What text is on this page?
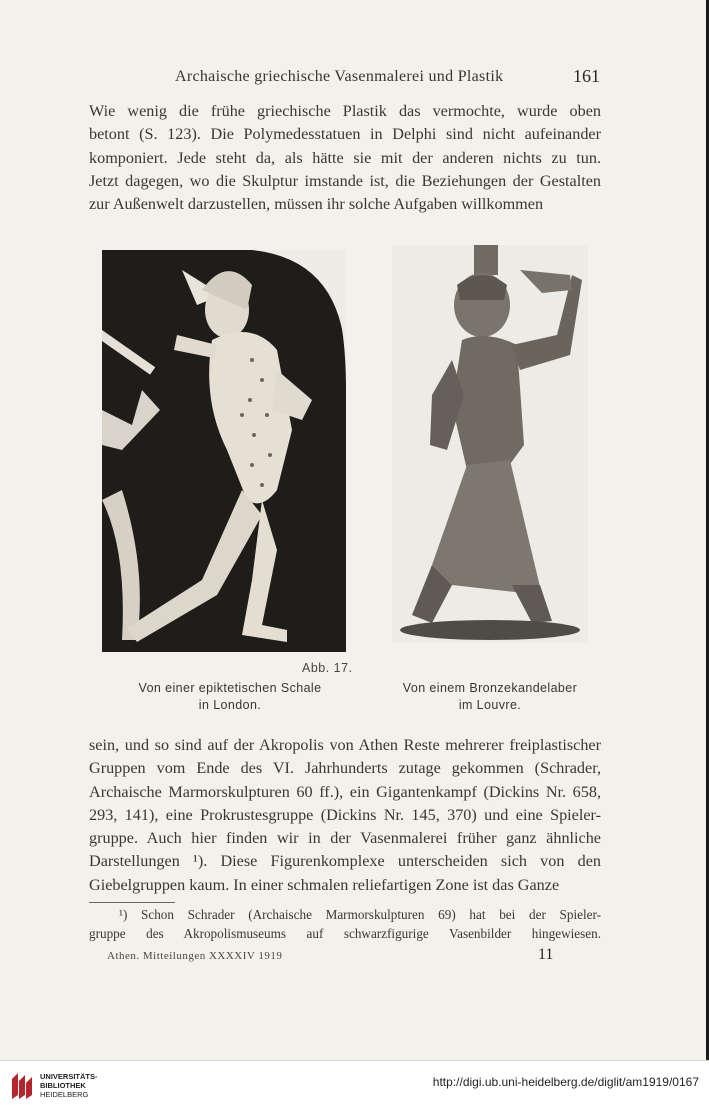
Archaische griechische Vasenmalerei und Plastik	161
Wie wenig die frühe griechische Plastik das vermochte, wurde oben
betont (S. 123). Die Polymedesstatuen in Delphi sind nicht aufeinander
komponiert. Jede steht da, als hätte sie mit der anderen nichts zu tun.
Jetzt dagegen, wo die Skulptur imstande ist, die Beziehungen der Gestalten
zur Außenwelt darzustellen, müssen ihr solche Aufgaben willkommen
Abb. 17.
Von einer epiktetischen Schale
in London.
Von einem Bronzekandelaber
im Louvre.
sein, und so sind auf der Akropolis von Athen Reste mehrerer freiplastischer
Gruppen vom Ende des VI. Jahrhunderts zutage gekommen (Schrader,
Archaische Marmorskulpturen 60 ff.), ein Gigantenkampf (Dickins Nr. 658,
293, 141), eine Prokrustesgruppe (Dickins Nr. 145, 370) und eine Spieler-
gruppe. Auch hier finden wir in der Vasenmalerei früher ganz ähnliche
Darstellungen ¹). Diese Figurenkomplexe unterscheiden sich von den
Giebelgruppen kaum. In einer schmalen reliefartigen Zone ist das Ganze
¹) Schon Schrader (Archaische Marmorskulpturen 69) hat bei der Spieler-
gruppe des Akropolismuseums auf schwarzfigurige Vasenbilder hingewiesen.
Athen. Mitteilungen XXXXIV 1919	11
UNIVERSITÄTS-
BIBLIOTHEK
HEIDELBERG
http://digi.ub.uni-heidelberg.de/diglit/am1919/0167
